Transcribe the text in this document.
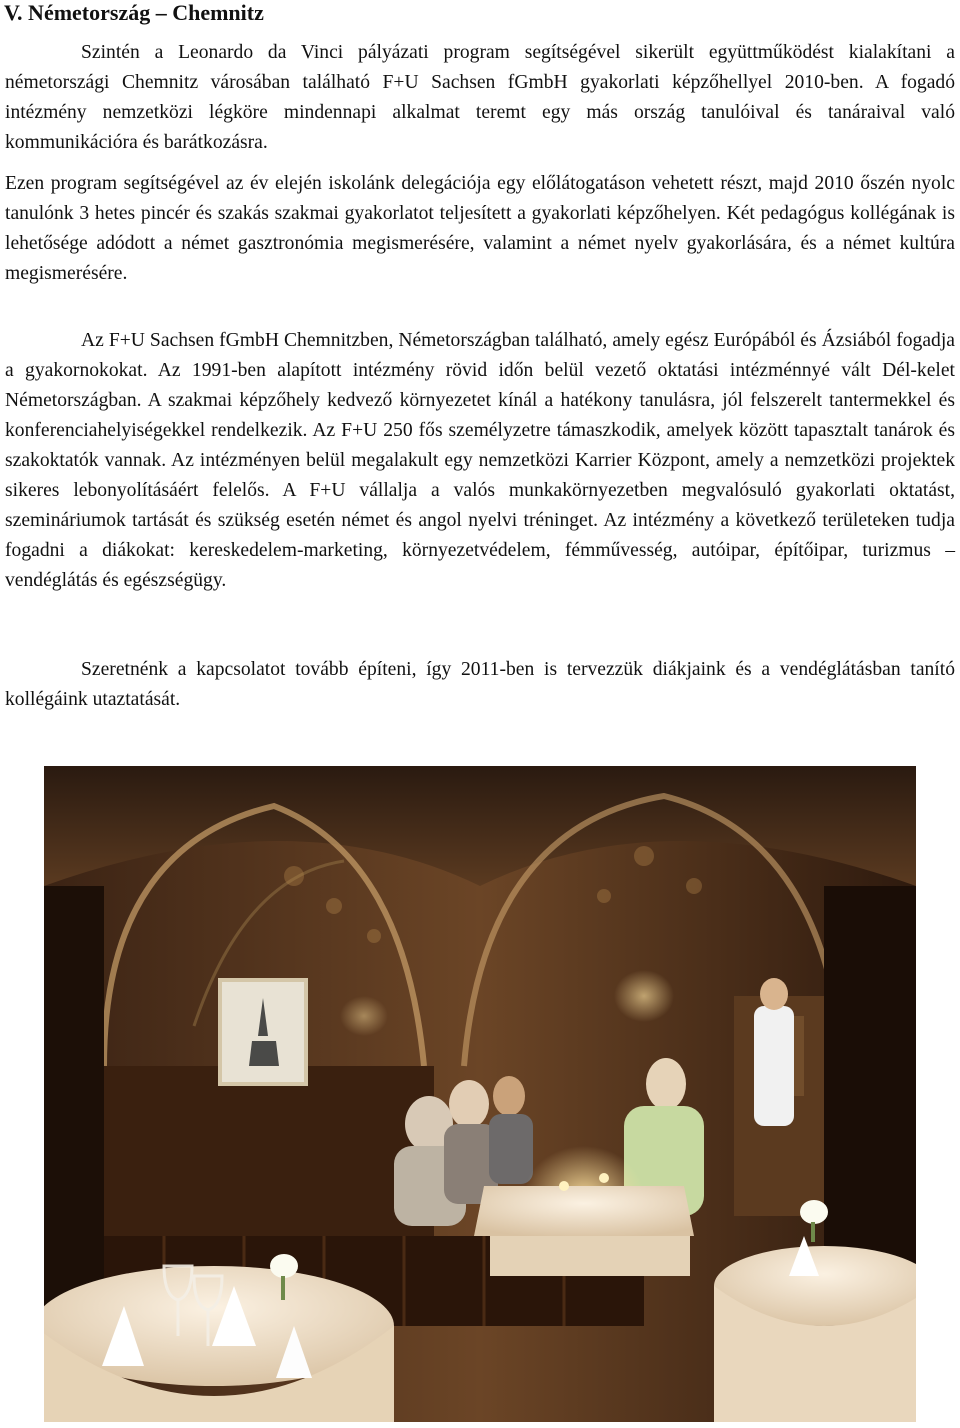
V. Németország – Chemnitz

Szintén a Leonardo da Vinci pályázati program segítségével sikerült együttműködést kialakítani a németországi Chemnitz városában található F+U Sachsen fGmbH gyakorlati képzőhellyel 2010-ben. A fogadó intézmény nemzetközi légköre mindennapi alkalmat teremt egy más ország tanulóival és tanáraival való kommunikációra és barátkozásra.

Ezen program segítségével az év elején iskolánk delegációja egy előlátogatáson vehetett részt, majd 2010 őszén nyolc tanulónk 3 hetes pincér és szakás szakmai gyakorlatot teljesített a gyakorlati képzőhelyen. Két pedagógus kollégának is lehetősége adódott a német gasztronómia megismerésére, valamint a német nyelv gyakorlására, és a német kultúra megismerésére.

Az F+U Sachsen fGmbH Chemnitzben, Németországban található, amely egész Európából és Ázsiából fogadja a gyakornokokat. Az 1991-ben alapított intézmény rövid időn belül vezető oktatási intézménnyé vált Dél-kelet Németországban. A szakmai képzőhely kedvező környezetet kínál a hatékony tanulásra, jól felszerelt tantermekkel és konferenciahelyiségekkel rendelkezik. Az F+U 250 fős személyzetre támaszkodik, amelyek között tapasztalt tanárok és szakoktatók vannak. Az intézményen belül megalakult egy nemzetközi Karrier Központ, amely a nemzetközi projektek sikeres lebonyolításáért felelős. A F+U vállalja a valós munkakörnyezetben megvalósuló gyakorlati oktatást, szemináriumok tartását és szükség esetén német és angol nyelvi tréninget. Az intézmény a következő területeken tudja fogadni a diákokat: kereskedelem-marketing, környezetvédelem, fémművesség, autóipar, építőipar, turizmus – vendéglátás és egészségügy.

Szeretnénk a kapcsolatot tovább építeni, így 2011-ben is tervezzük diákjaink és a vendéglátásban tanító kollégáink utaztatását.
